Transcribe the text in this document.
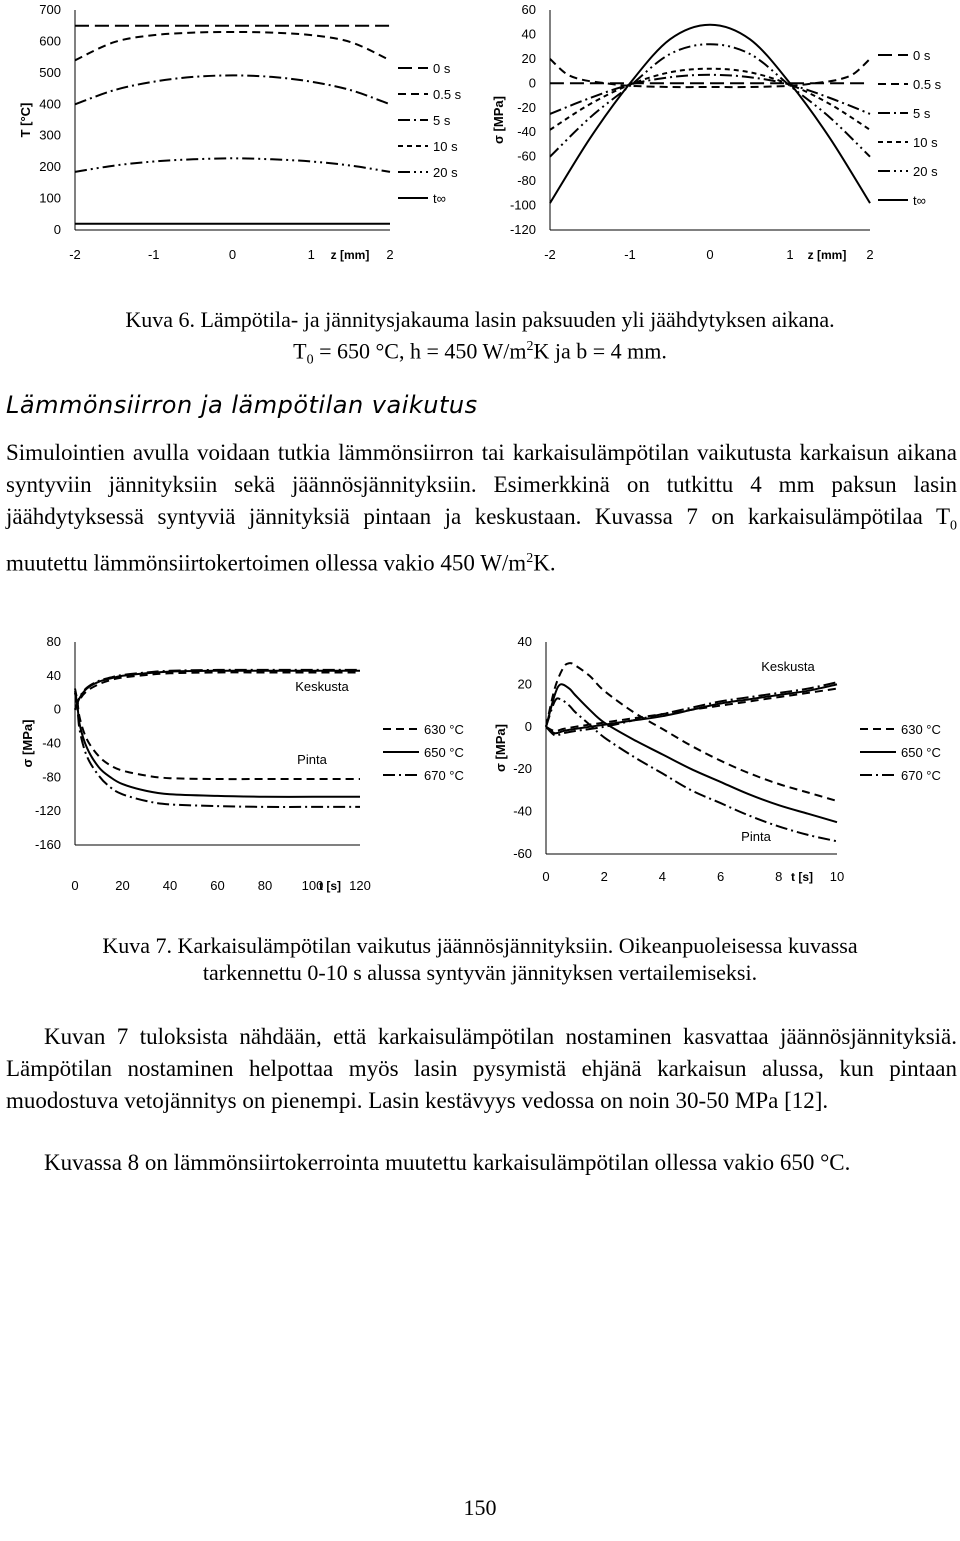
0
100
200
300
400
500
600
700
-2	-1	0	1	2
z [mm]
T [°C]
0 s
0.5 s
5 s
10 s
20 s
t∞
-120
-100
-80
-60
-40
-20
0
20
40
60
-2	-1	0	1	2
z [mm]
σ [MPa]
0 s
0.5 s
5 s
10 s
20 s
t∞
Kuva 6. Lämpötila- ja jännitysjakauma lasin paksuuden yli jäähdytyksen aikana.
$T_0 = 650$ °C, h = 450 $W/m^2K$ ja b = 4 mm.
Lämmönsiirron ja lämpötilan vaikutus
Simulointien avulla voidaan tutkia lämmönsiirron tai karkaisulämpötilan vaikutusta karkaisun aikana syntyviin jännityksiin sekä jäännösjännityksiin. Esimerkkinä on tutkittu 4 mm paksun lasin jäähdytyksessä syntyviä jännityksiä pintaan ja keskustaan. Kuvassa 7 on karkaisulämpötilaa $T_0$ muutettu lämmönsiirtokertoimen ollessa vakio 450 $W/m^2K$.
-160
-120
-80
-40
0
40
80
0	20	40	60	80 100 120
t [s]
σ [MPa]	630 °C
650 °C
670 °C
Keskusta
Pinta
-60
-40
-20
0
20
40
0	2	4	6	8	10
t [s]
σ [MPa]	630 °C
650 °C
670 °C
Keskusta
Pinta
Kuva 7. Karkaisulämpötilan vaikutus jäännösjännityksiin. Oikeanpuoleisessa kuvassa
tarkennettu 0-10 s alussa syntyvän jännityksen vertailemiseksi.
Kuvan 7 tuloksista nähdään, että karkaisulämpötilan nostaminen kasvattaa jäännösjännityksiä. Lämpötilan nostaminen helpottaa myös lasin pysymistä ehjänä karkaisun alussa, kun pintaan muodostuva vetojännitys on pienempi. Lasin kestävyys vedossa on noin 30-50 MPa [12].
Kuvassa 8 on lämmönsiirtokerrointa muutettu karkaisulämpötilan ollessa vakio 650 °C.
150
